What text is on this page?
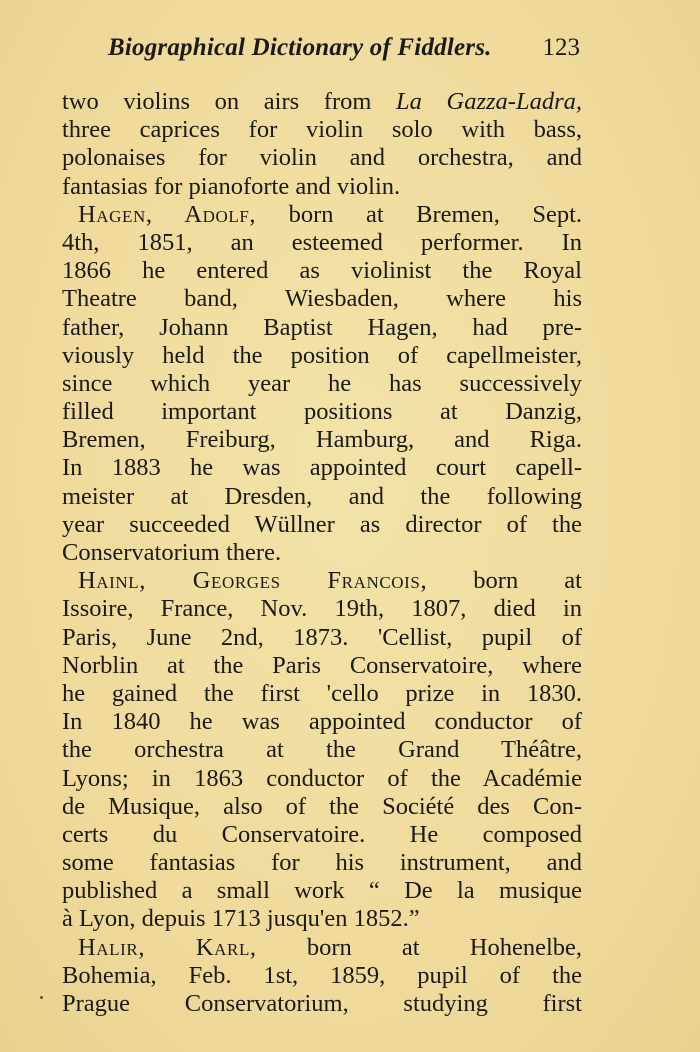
Biographical Dictionary of Fiddlers.	123
two violins on airs from La Gazza-Ladra,
three caprices for violin solo with bass,
polonaises for violin and orchestra, and
fantasias for pianoforte and violin.
Hagen, Adolf, born at Bremen, Sept.
4th, 1851, an esteemed performer. In
1866 he entered as violinist the Royal
Theatre band, Wiesbaden, where his
father, Johann Baptist Hagen, had pre-
viously held the position of capellmeister,
since which year he has successively
filled important positions at Danzig,
Bremen, Freiburg, Hamburg, and Riga.
In 1883 he was appointed court capell-
meister at Dresden, and the following
year succeeded Wüllner as director of the
Conservatorium there.
Hainl, Georges Francois, born at
Issoire, France, Nov. 19th, 1807, died in
Paris, June 2nd, 1873. 'Cellist, pupil of
Norblin at the Paris Conservatoire, where
he gained the first 'cello prize in 1830.
In 1840 he was appointed conductor of
the orchestra at the Grand Théâtre,
Lyons; in 1863 conductor of the Académie
de Musique, also of the Société des Con-
certs du Conservatoire. He composed
some fantasias for his instrument, and
published a small work “ De la musique
à Lyon, depuis 1713 jusqu'en 1852.”
Halir, Karl, born at Hohenelbe,
Bohemia, Feb. 1st, 1859, pupil of the
Prague Conservatorium, studying first
